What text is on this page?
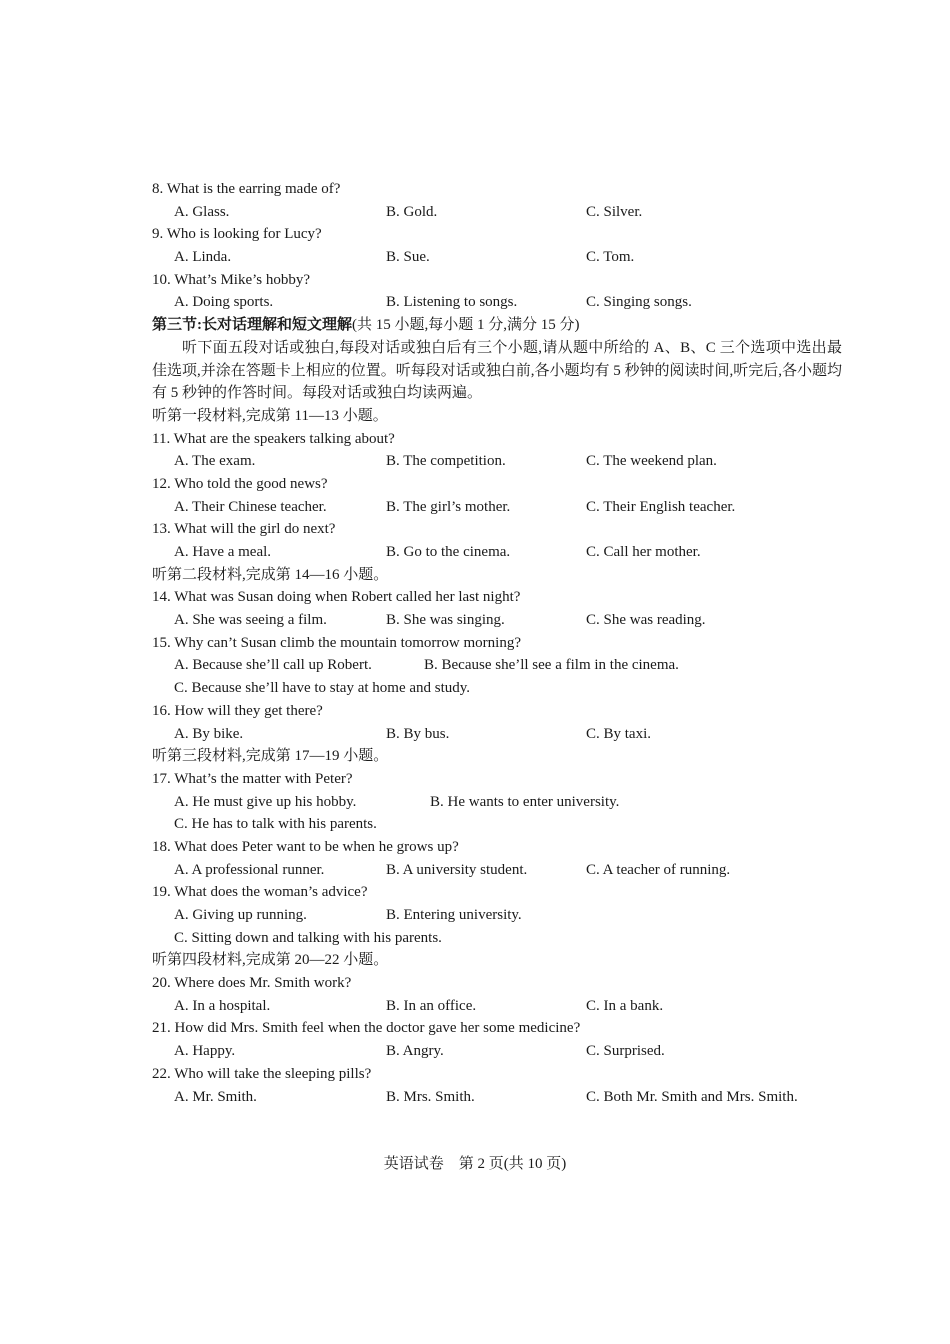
8. What is the earring made of?
A. Glass.	B. Gold.	C. Silver.
9. Who is looking for Lucy?
A. Linda.	B. Sue.	C. Tom.
10. What’s Mike’s hobby?
A. Doing sports.	B. Listening to songs.	C. Singing songs.
第三节:长对话理解和短文理解(共 15 小题,每小题 1 分,满分 15 分)
听下面五段对话或独白,每段对话或独白后有三个小题,请从题中所给的 A、B、C 三个选项中选出最佳选项,并涂在答题卡上相应的位置。听每段对话或独白前,各小题均有 5 秒钟的阅读时间,听完后,各小题均有 5 秒钟的作答时间。每段对话或独白均读两遍。
听第一段材料,完成第 11—13 小题。
11. What are the speakers talking about?
A. The exam.	B. The competition.	C. The weekend plan.
12. Who told the good news?
A. Their Chinese teacher.	B. The girl’s mother.	C. Their English teacher.
13. What will the girl do next?
A. Have a meal.	B. Go to the cinema.	C. Call her mother.
听第二段材料,完成第 14—16 小题。
14. What was Susan doing when Robert called her last night?
A. She was seeing a film.	B. She was singing.	C. She was reading.
15. Why can’t Susan climb the mountain tomorrow morning?
A. Because she’ll call up Robert.	B. Because she’ll see a film in the cinema.
C. Because she’ll have to stay at home and study.
16. How will they get there?
A. By bike.	B. By bus.	C. By taxi.
听第三段材料,完成第 17—19 小题。
17. What’s the matter with Peter?
A. He must give up his hobby.	B. He wants to enter university.
C. He has to talk with his parents.
18. What does Peter want to be when he grows up?
A. A professional runner.	B. A university student.	C. A teacher of running.
19. What does the woman’s advice?
A. Giving up running.	B. Entering university.
C. Sitting down and talking with his parents.
听第四段材料,完成第 20—22 小题。
20. Where does Mr. Smith work?
A. In a hospital.	B. In an office.	C. In a bank.
21. How did Mrs. Smith feel when the doctor gave her some medicine?
A. Happy.	B. Angry.	C. Surprised.
22. Who will take the sleeping pills?
A. Mr. Smith.	B. Mrs. Smith.	C. Both Mr. Smith and Mrs. Smith.
英语试卷　第 2 页(共 10 页)
